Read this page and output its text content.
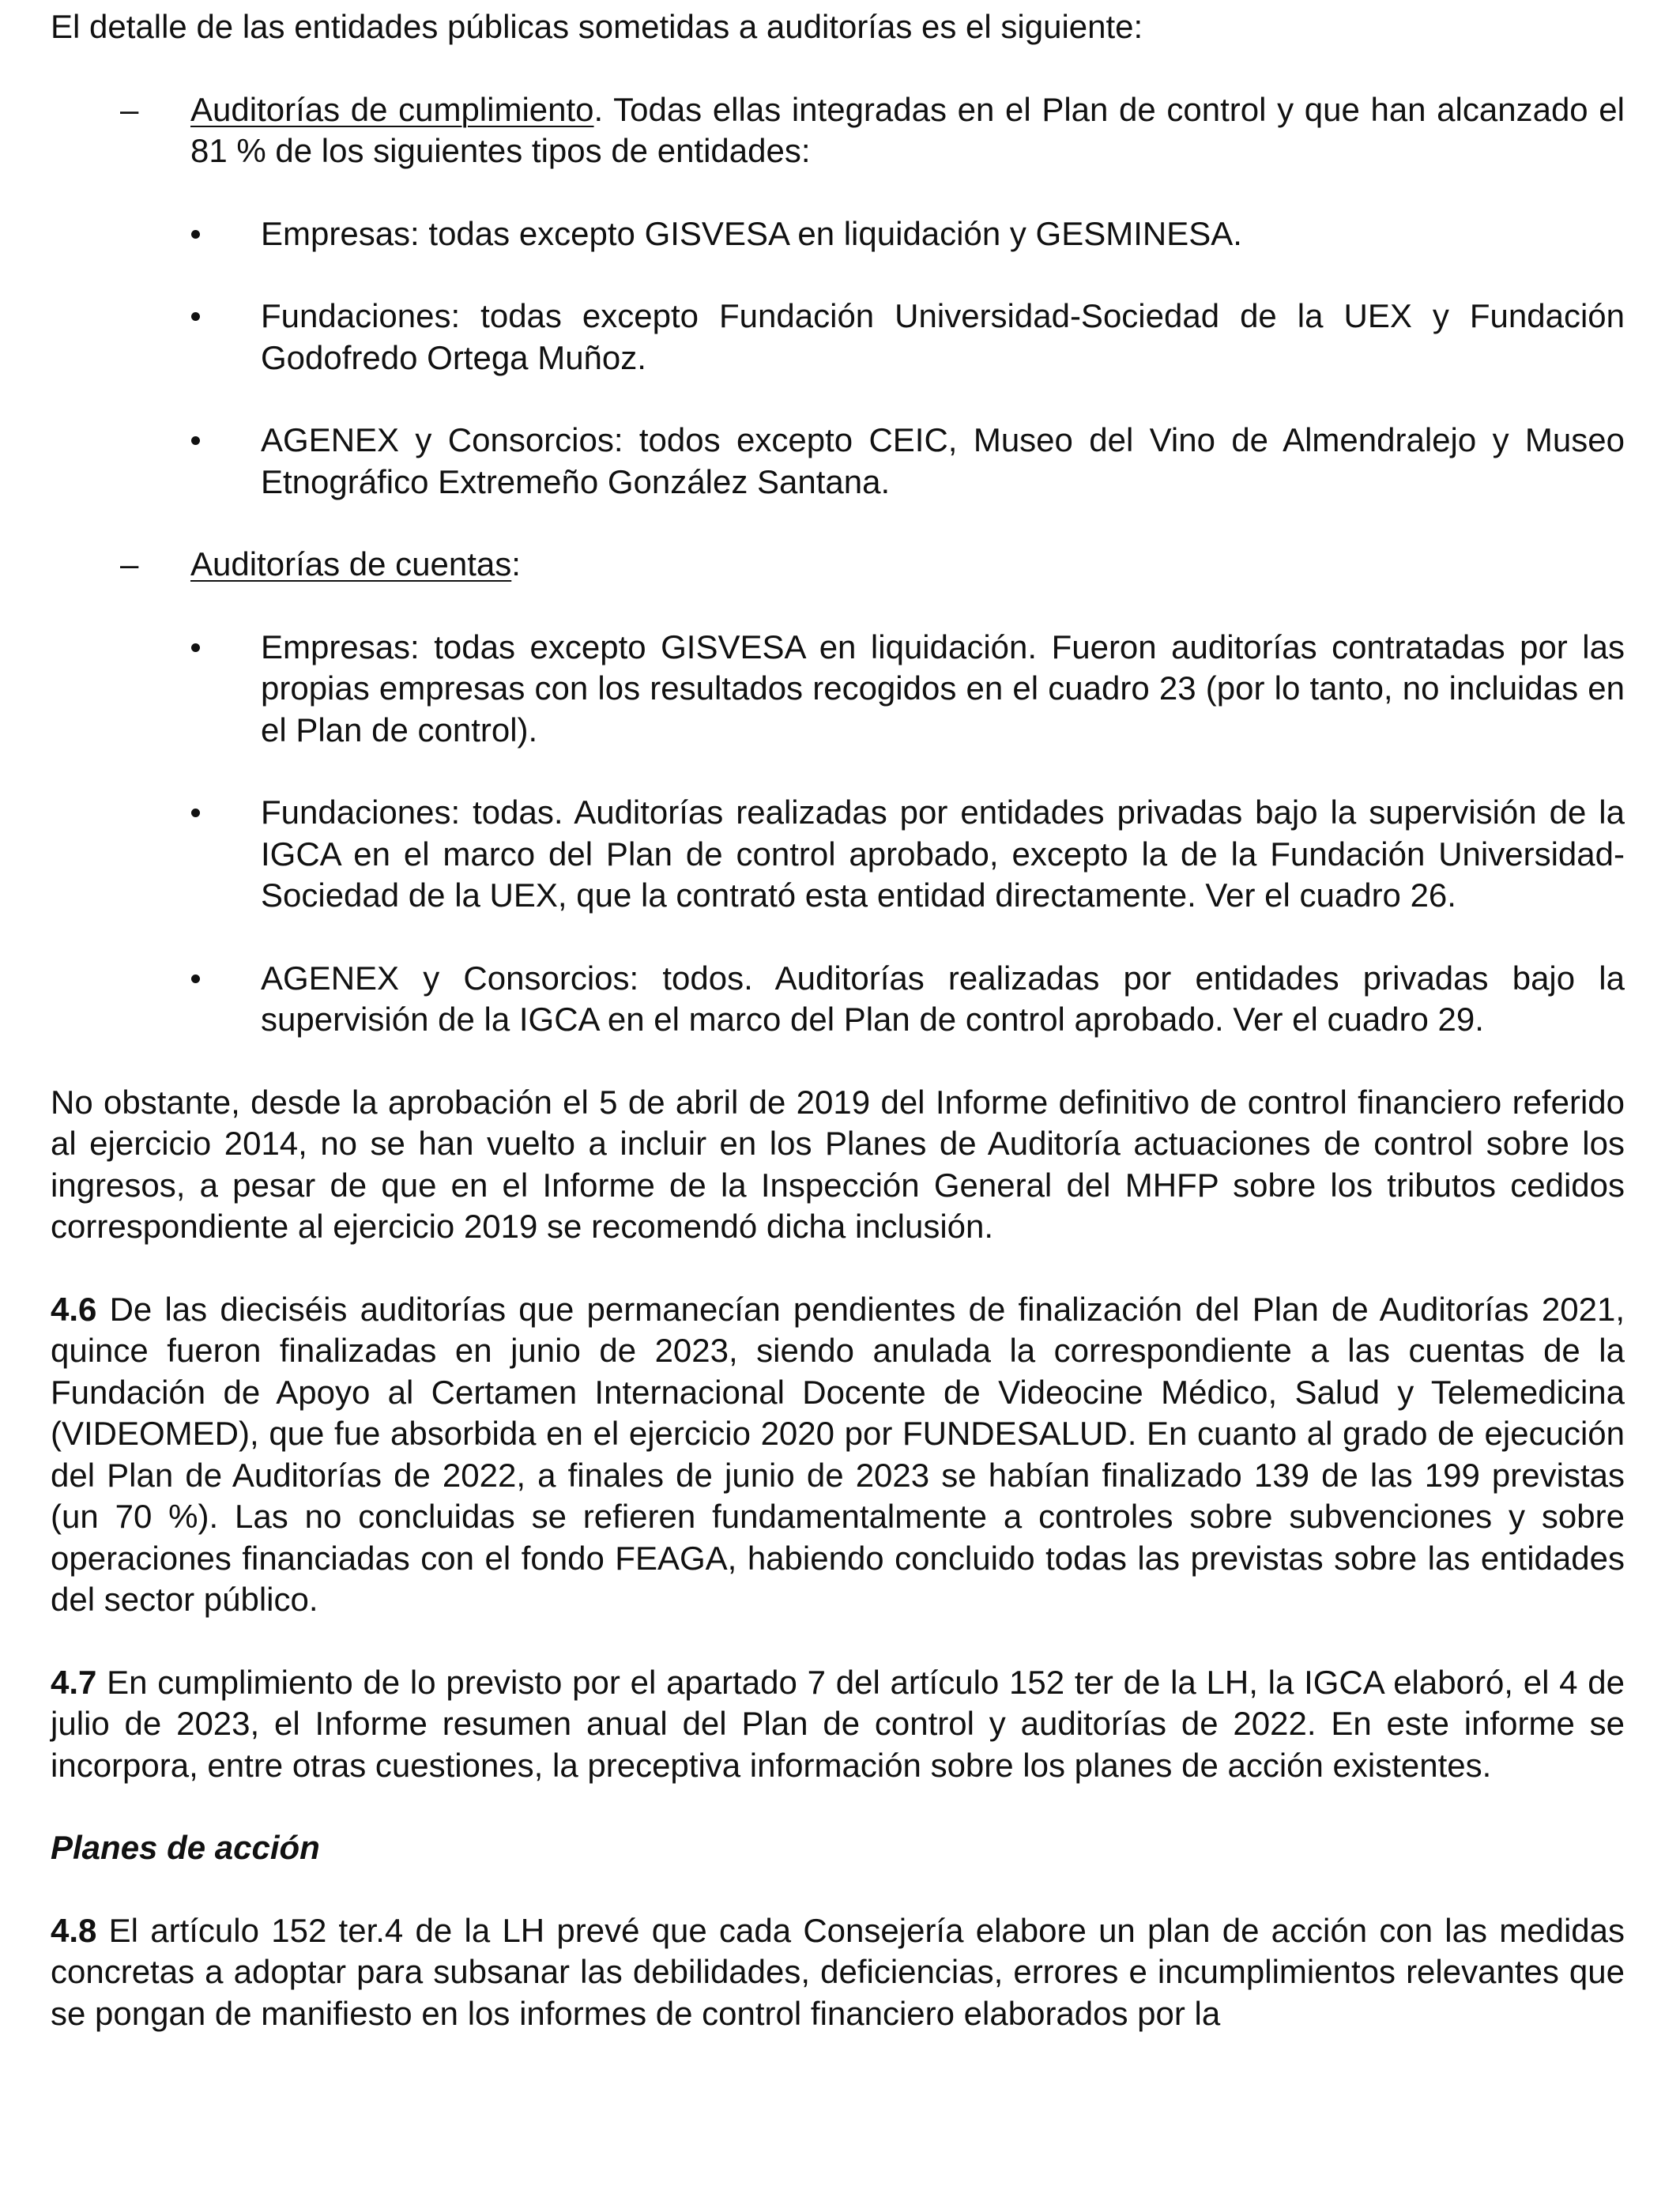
El detalle de las entidades públicas sometidas a auditorías es el siguiente:

– Auditorías de cumplimiento. Todas ellas integradas en el Plan de control y que han alcanzado el 81 % de los siguientes tipos de entidades:

Empresas: todas excepto GISVESA en liquidación y GESMINESA.

Fundaciones: todas excepto Fundación Universidad-Sociedad de la UEX y Fundación Godofredo Ortega Muñoz.

AGENEX y Consorcios: todos excepto CEIC, Museo del Vino de Almendralejo y Museo Etnográfico Extremeño González Santana.

– Auditorías de cuentas:

Empresas: todas excepto GISVESA en liquidación. Fueron auditorías contratadas por las propias empresas con los resultados recogidos en el cuadro 23 (por lo tanto, no incluidas en el Plan de control).

Fundaciones: todas. Auditorías realizadas por entidades privadas bajo la supervisión de la IGCA en el marco del Plan de control aprobado, excepto la de la Fundación Universidad-Sociedad de la UEX, que la contrató esta entidad directamente. Ver el cuadro 26.

AGENEX y Consorcios: todos. Auditorías realizadas por entidades privadas bajo la supervisión de la IGCA en el marco del Plan de control aprobado. Ver el cuadro 29.

No obstante, desde la aprobación el 5 de abril de 2019 del Informe definitivo de control financiero referido al ejercicio 2014, no se han vuelto a incluir en los Planes de Auditoría actuaciones de control sobre los ingresos, a pesar de que en el Informe de la Inspección General del MHFP sobre los tributos cedidos correspondiente al ejercicio 2019 se recomendó dicha inclusión.

4.6 De las dieciséis auditorías que permanecían pendientes de finalización del Plan de Auditorías 2021, quince fueron finalizadas en junio de 2023, siendo anulada la correspondiente a las cuentas de la Fundación de Apoyo al Certamen Internacional Docente de Videocine Médico, Salud y Telemedicina (VIDEOMED), que fue absorbida en el ejercicio 2020 por FUNDESALUD. En cuanto al grado de ejecución del Plan de Auditorías de 2022, a finales de junio de 2023 se habían finalizado 139 de las 199 previstas (un 70 %). Las no concluidas se refieren fundamentalmente a controles sobre subvenciones y sobre operaciones financiadas con el fondo FEAGA, habiendo concluido todas las previstas sobre las entidades del sector público.

4.7 En cumplimiento de lo previsto por el apartado 7 del artículo 152 ter de la LH, la IGCA elaboró, el 4 de julio de 2023, el Informe resumen anual del Plan de control y auditorías de 2022. En este informe se incorpora, entre otras cuestiones, la preceptiva información sobre los planes de acción existentes.

Planes de acción

4.8 El artículo 152 ter.4 de la LH prevé que cada Consejería elabore un plan de acción con las medidas concretas a adoptar para subsanar las debilidades, deficiencias, errores e incumplimientos relevantes que se pongan de manifiesto en los informes de control financiero elaborados por la
